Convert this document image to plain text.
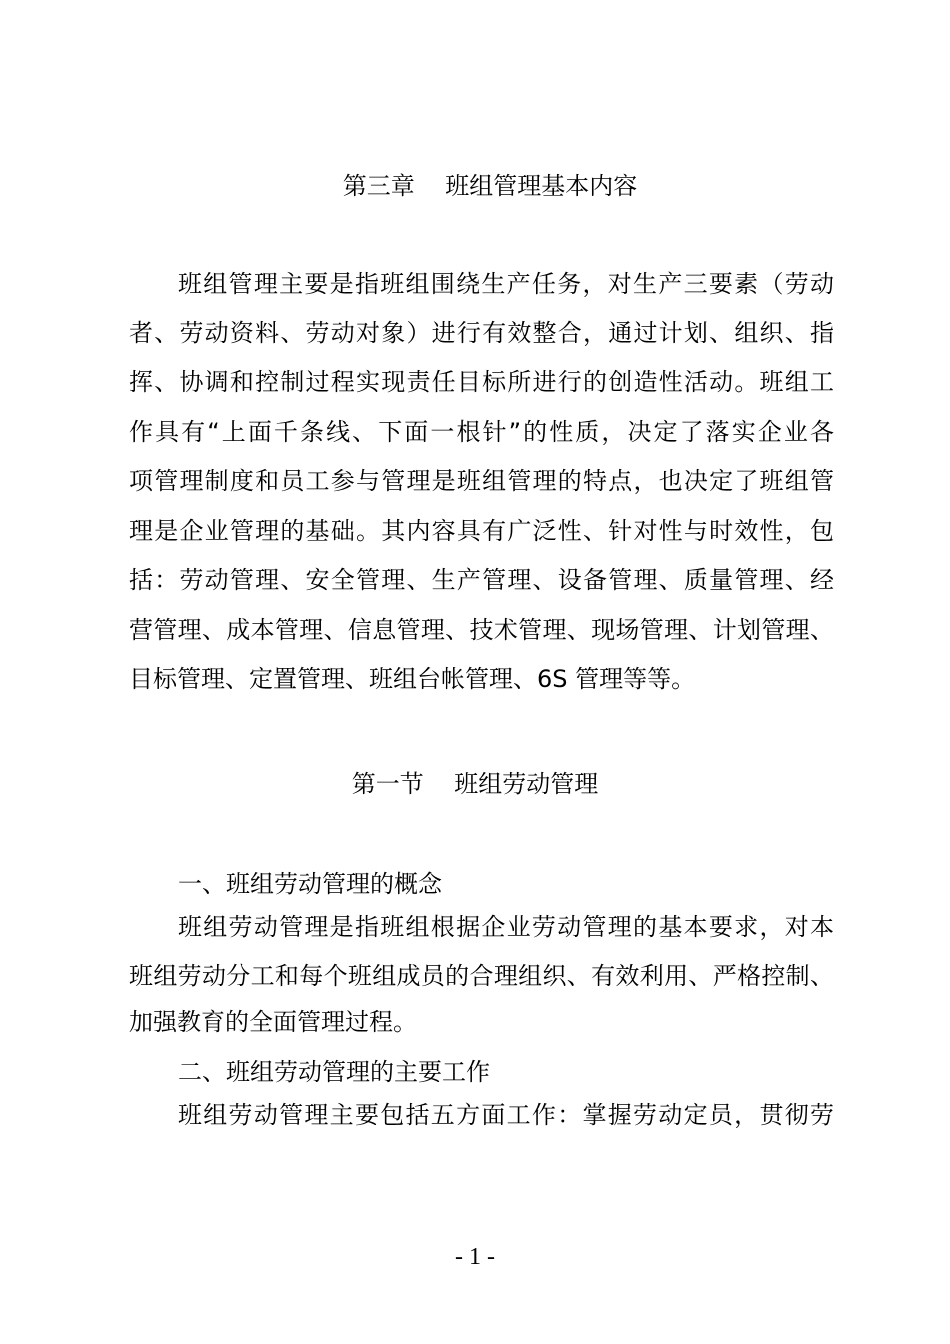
第三章    班组管理基本内容
班组管理主要是指班组围绕生产任务，对生产三要素（劳动
者、劳动资料、劳动对象）进行有效整合，通过计划、组织、指
挥、协调和控制过程实现责任目标所进行的创造性活动。班组工
作具有“上面千条线、下面一根针”的性质，决定了落实企业各
项管理制度和员工参与管理是班组管理的特点，也决定了班组管
理是企业管理的基础。其内容具有广泛性、针对性与时效性，包
括：劳动管理、安全管理、生产管理、设备管理、质量管理、经
营管理、成本管理、信息管理、技术管理、现场管理、计划管理、
目标管理、定置管理、班组台帐管理、6S 管理等等。
第一节    班组劳动管理
一、班组劳动管理的概念
班组劳动管理是指班组根据企业劳动管理的基本要求，对本
班组劳动分工和每个班组成员的合理组织、有效利用、严格控制、
加强教育的全面管理过程。
二、班组劳动管理的主要工作
班组劳动管理主要包括五方面工作：掌握劳动定员，贯彻劳
- 1 -
